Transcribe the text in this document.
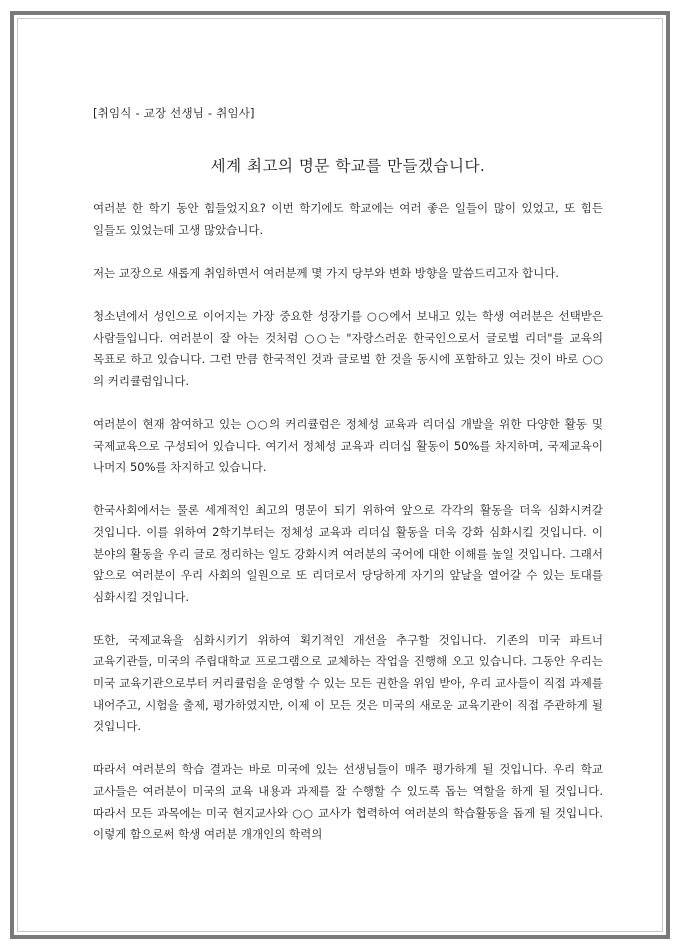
[취임식 - 교장 선생님 - 취임사]
세계 최고의 명문 학교를 만들겠습니다.

여러분 한 학기 동안 힘들었지요? 이번 학기에도 학교에는 여러 좋은 일들이 많이 있었고, 또 힘든 일들도 있었는데 고생 많았습니다.

저는 교장으로 새롭게 취임하면서 여러분께 몇 가지 당부와 변화 방향을 말씀드리고자 합니다.

청소년에서 성인으로 이어지는 가장 중요한 성장기를 ○○에서 보내고 있는 학생 여러분은 선택받은 사람들입니다. 여러분이 잘 아는 것처럼 ○○는 "자랑스러운 한국인으로서 글로벌 리더"를 교육의 목표로 하고 있습니다. 그런 만큼 한국적인 것과 글로벌 한 것을 동시에 포함하고 있는 것이 바로 ○○의 커리큘럼입니다.

여러분이 현재 참여하고 있는 ○○의 커리큘럼은 정체성 교육과 리더십 개발을 위한 다양한 활동 및 국제교육으로 구성되어 있습니다. 여기서 정체성 교육과 리더십 활동이 50%를 차지하며, 국제교육이 나머지 50%를 차지하고 있습니다.

한국사회에서는 물론 세계적인 최고의 명문이 되기 위하여 앞으로 각각의 활동을 더욱 심화시켜갈 것입니다. 이를 위하여 2학기부터는 정체성 교육과 리더십 활동을 더욱 강화 심화시킬 것입니다. 이 분야의 활동을 우리 글로 정리하는 일도 강화시켜 여러분의 국어에 대한 이해를 높일 것입니다. 그래서 앞으로 여러분이 우리 사회의 일원으로 또 리더로서 당당하게 자기의 앞날을 열어갈 수 있는 토대를 심화시킬 것입니다.

또한, 국제교육을 심화시키기 위하여 획기적인 개선을 추구할 것입니다. 기존의 미국 파트너 교육기관들, 미국의 주립대학교 프로그램으로 교체하는 작업을 진행해 오고 있습니다. 그동안 우리는 미국 교육기관으로부터 커리큘럼을 운영할 수 있는 모든 권한을 위임 받아, 우리 교사들이 직접 과제를 내어주고, 시험을 출제, 평가하였지만, 이제 이 모든 것은 미국의 새로운 교육기관이 직접 주관하게 될 것입니다.

따라서 여러분의 학습 결과는 바로 미국에 있는 선생님들이 매주 평가하게 될 것입니다. 우리 학교 교사들은 여러분이 미국의 교육 내용과 과제를 잘 수행할 수 있도록 돕는 역할을 하게 될 것입니다. 따라서 모든 과목에는 미국 현지교사와 ○○ 교사가 협력하여 여러분의 학습활동을 돕게 될 것입니다. 이렇게 함으로써 학생 여러분 개개인의 학력의
